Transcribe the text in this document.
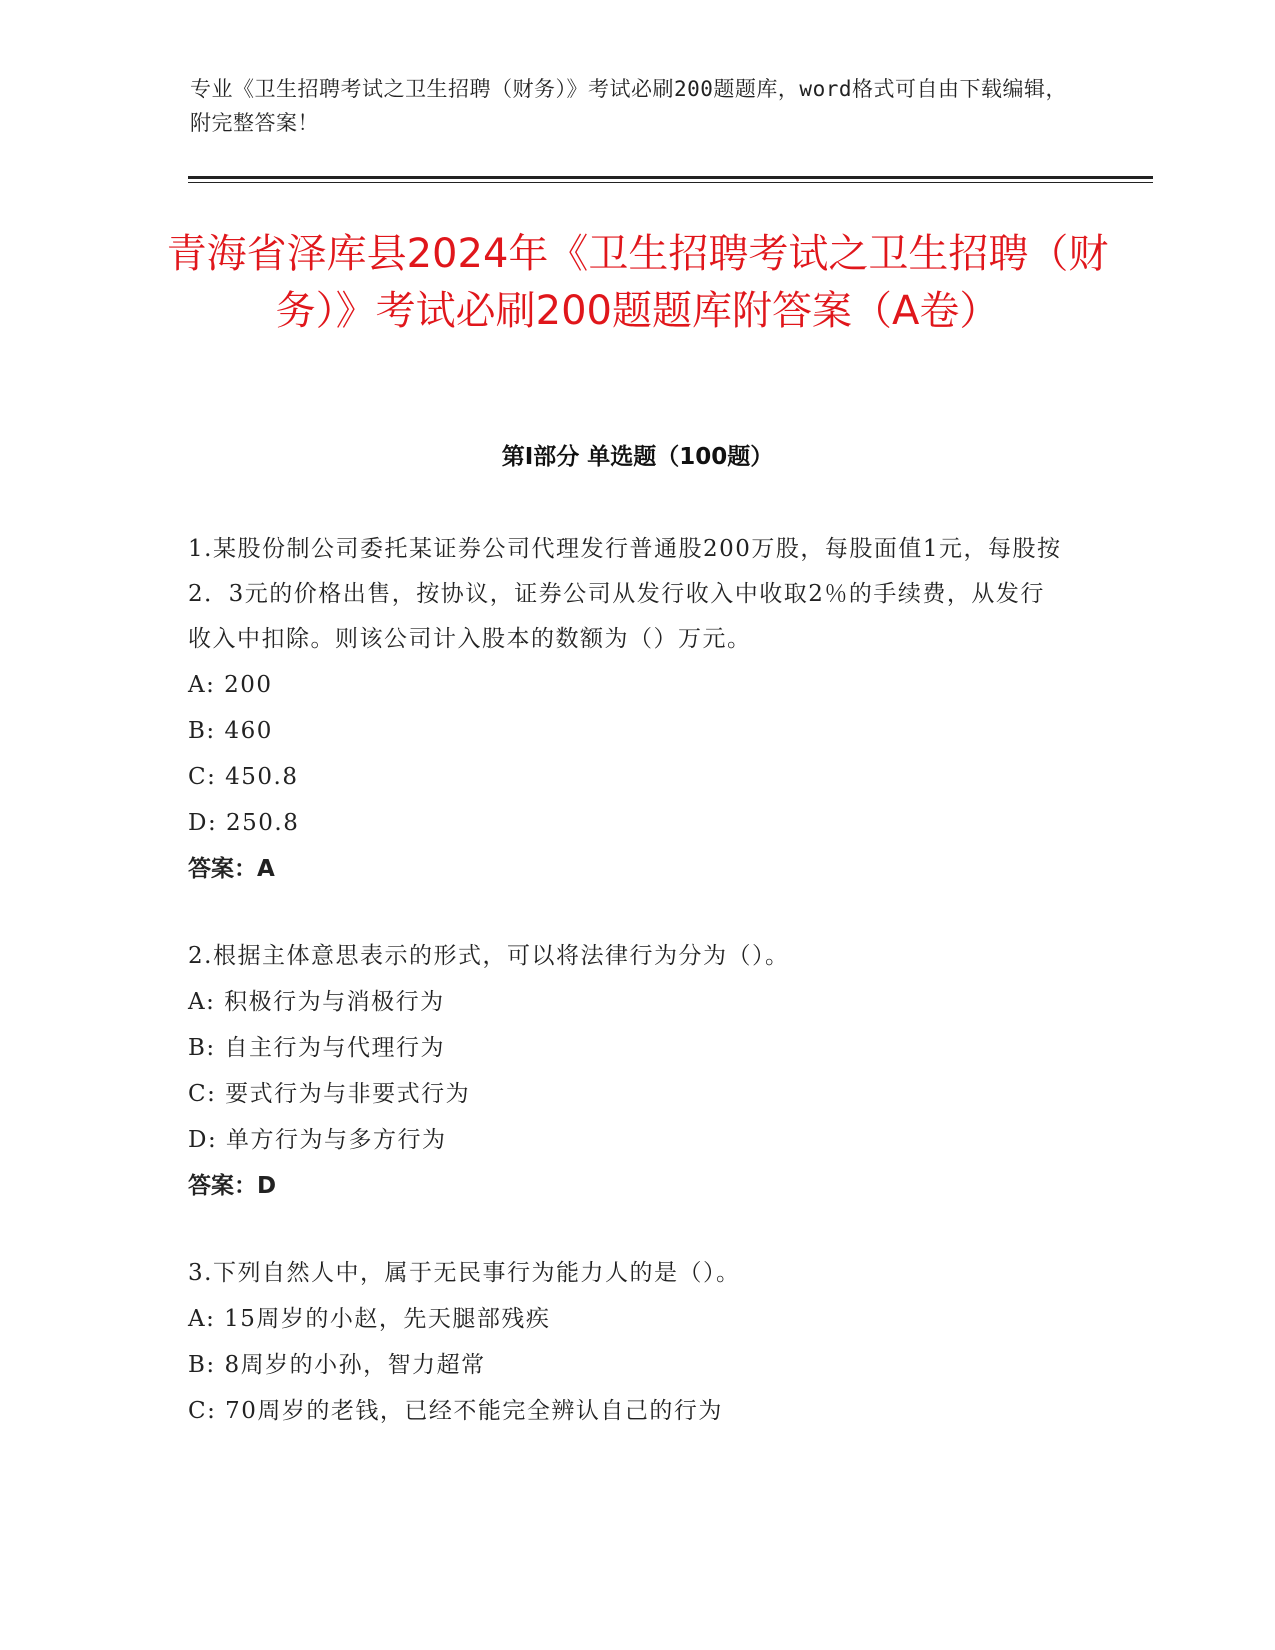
专业《卫生招聘考试之卫生招聘（财务）》考试必刷200题题库，word格式可自由下载编辑，附完整答案！
青海省泽库县2024年《卫生招聘考试之卫生招聘（财务）》考试必刷200题题库附答案（A卷）
第Ⅰ部分 单选题（100题）

1.某股份制公司委托某证券公司代理发行普通股200万股，每股面值1元，每股按2．3元的价格出售，按协议，证券公司从发行收入中收取2％的手续费，从发行收入中扣除。则该公司计入股本的数额为（）万元。

A: 200

B: 460

C: 450.8

D: 250.8

答案：A

2.根据主体意思表示的形式，可以将法律行为分为（）。

A: 积极行为与消极行为

B: 自主行为与代理行为

C: 要式行为与非要式行为

D: 单方行为与多方行为

答案：D

3.下列自然人中，属于无民事行为能力人的是（）。

A: 15周岁的小赵，先天腿部残疾

B: 8周岁的小孙，智力超常

C: 70周岁的老钱，已经不能完全辨认自己的行为
